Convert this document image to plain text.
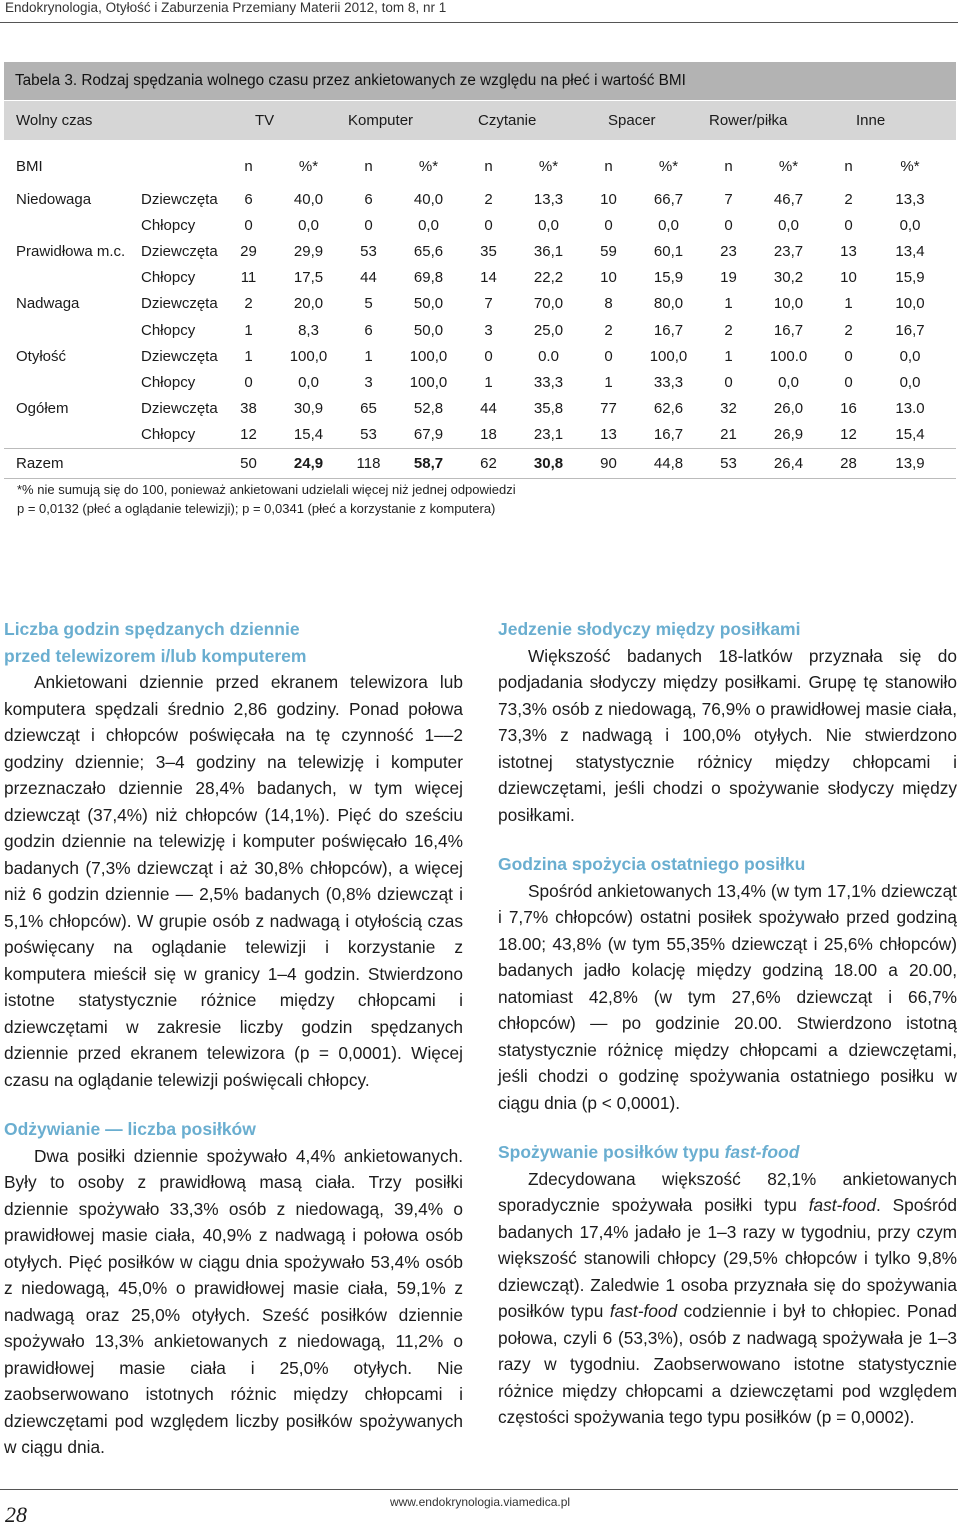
Endokrynologia, Otyłość i Zaburzenia Przemiany Materii 2012, tom 8, nr 1
Tabela 3. Rodzaj spędzania wolnego czasu przez ankietowanych ze względu na płeć i wartość BMI
Wolny czas	TV	Komputer	Czytanie	Spacer	Rower/piłka	Inne
BMI		n	%*	n	%*	n	%*	n	%*	n	%*	n	%*
Niedowaga	Dziewczęta	6	40,0	6	40,0	2	13,3	10	66,7	7	46,7	2	13,3
	Chłopcy	0	0,0	0	0,0	0	0,0	0	0,0	0	0,0	0	0,0
Prawidłowa m.c.	Dziewczęta	29	29,9	53	65,6	35	36,1	59	60,1	23	23,7	13	13,4
	Chłopcy	11	17,5	44	69,8	14	22,2	10	15,9	19	30,2	10	15,9
Nadwaga	Dziewczęta	2	20,0	5	50,0	7	70,0	8	80,0	1	10,0	1	10,0
	Chłopcy	1	8,3	6	50,0	3	25,0	2	16,7	2	16,7	2	16,7
Otyłość	Dziewczęta	1	100,0	1	100,0	0	0.0	0	100,0	1	100.0	0	0,0
	Chłopcy	0	0,0	3	100,0	1	33,3	1	33,3	0	0,0	0	0,0
Ogółem	Dziewczęta	38	30,9	65	52,8	44	35,8	77	62,6	32	26,0	16	13.0
	Chłopcy	12	15,4	53	67,9	18	23,1	13	16,7	21	26,9	12	15,4
Razem		50	24,9	118	58,7	62	30,8	90	44,8	53	26,4	28	13,9
*% nie sumują się do 100, ponieważ ankietowani udzielali więcej niż jednej odpowiedzi
p = 0,0132 (płeć a oglądanie telewizji); p = 0,0341 (płeć a korzystanie z komputera)
Liczba godzin spędzanych dziennie przed telewizorem i/lub komputerem

Ankietowani dziennie przed ekranem telewizora lub komputera spędzali średnio 2,86 godziny. Ponad połowa dziewcząt i chłopców poświęcała na tę czynność 1––2 godziny dziennie; 3–4 godziny na telewizję i komputer przeznaczało dziennie 28,4% badanych, w tym więcej dziewcząt (37,4%) niż chłopców (14,1%). Pięć do sześciu godzin dziennie na telewizję i komputer poświęcało 16,4% badanych (7,3% dziewcząt i aż 30,8% chłopców), a więcej niż 6 godzin dziennie — 2,5% badanych (0,8% dziewcząt i 5,1% chłopców). W grupie osób z nadwagą i otyłością czas poświęcany na oglądanie telewizji i korzystanie z komputera mieścił się w granicy 1–4 godzin. Stwierdzono istotne statystycznie różnice między chłopcami i dziewczętami w zakresie liczby godzin spędzanych dziennie przed ekranem telewizora (p = 0,0001). Więcej czasu na oglądanie telewizji poświęcali chłopcy.

Odżywianie — liczba posiłków

Dwa posiłki dziennie spożywało 4,4% ankietowanych. Były to osoby z prawidłową masą ciała. Trzy posiłki dziennie spożywało 33,3% osób z niedowagą, 39,4% o prawidłowej masie ciała, 40,9% z nadwagą i połowa osób otyłych. Pięć posiłków w ciągu dnia spożywało 53,4% osób z niedowagą, 45,0% o prawidłowej masie ciała, 59,1% z nadwagą oraz 25,0% otyłych. Sześć posiłków dziennie spożywało 13,3% ankietowanych z niedowagą, 11,2% o prawidłowej masie ciała i 25,0% otyłych. Nie zaobserwowano istotnych różnic między chłopcami i dziewczętami pod względem liczby posiłków spożywanych w ciągu dnia.

Jedzenie słodyczy między posiłkami

Większość badanych 18-latków przyznała się do podjadania słodyczy między posiłkami. Grupę tę stanowiło 73,3% osób z niedowagą, 76,9% o prawidłowej masie ciała, 73,3% z nadwagą i 100,0% otyłych. Nie stwierdzono istotnej statystycznie różnicy między chłopcami i dziewczętami, jeśli chodzi o spożywanie słodyczy między posiłkami.

Godzina spożycia ostatniego posiłku

Spośród ankietowanych 13,4% (w tym 17,1% dziewcząt i 7,7% chłopców) ostatni posiłek spożywało przed godziną 18.00; 43,8% (w tym 55,35% dziewcząt i 25,6% chłopców) badanych jadło kolację między godziną 18.00 a 20.00, natomiast 42,8% (w tym 27,6% dziewcząt i 66,7% chłopców) — po godzinie 20.00. Stwierdzono istotną statystycznie różnicę między chłopcami a dziewczętami, jeśli chodzi o godzinę spożywania ostatniego posiłku w ciągu dnia (p < 0,0001).

Spożywanie posiłków typu fast-food

Zdecydowana większość 82,1% ankietowanych sporadycznie spożywała posiłki typu fast-food. Spośród badanych 17,4% jadało je 1–3 razy w tygodniu, przy czym większość stanowili chłopcy (29,5% chłopców i tylko 9,8% dziewcząt). Zaledwie 1 osoba przyznała się do spożywania posiłków typu fast-food codziennie i był to chłopiec. Ponad połowa, czyli 6 (53,3%), osób z nadwagą spożywała je 1–3 razy w tygodniu. Zaobserwowano istotne statystycznie różnice między chłopcami a dziewczętami pod względem częstości spożywania tego typu posiłków (p = 0,0002).

28	www.endokrynologia.viamedica.pl
